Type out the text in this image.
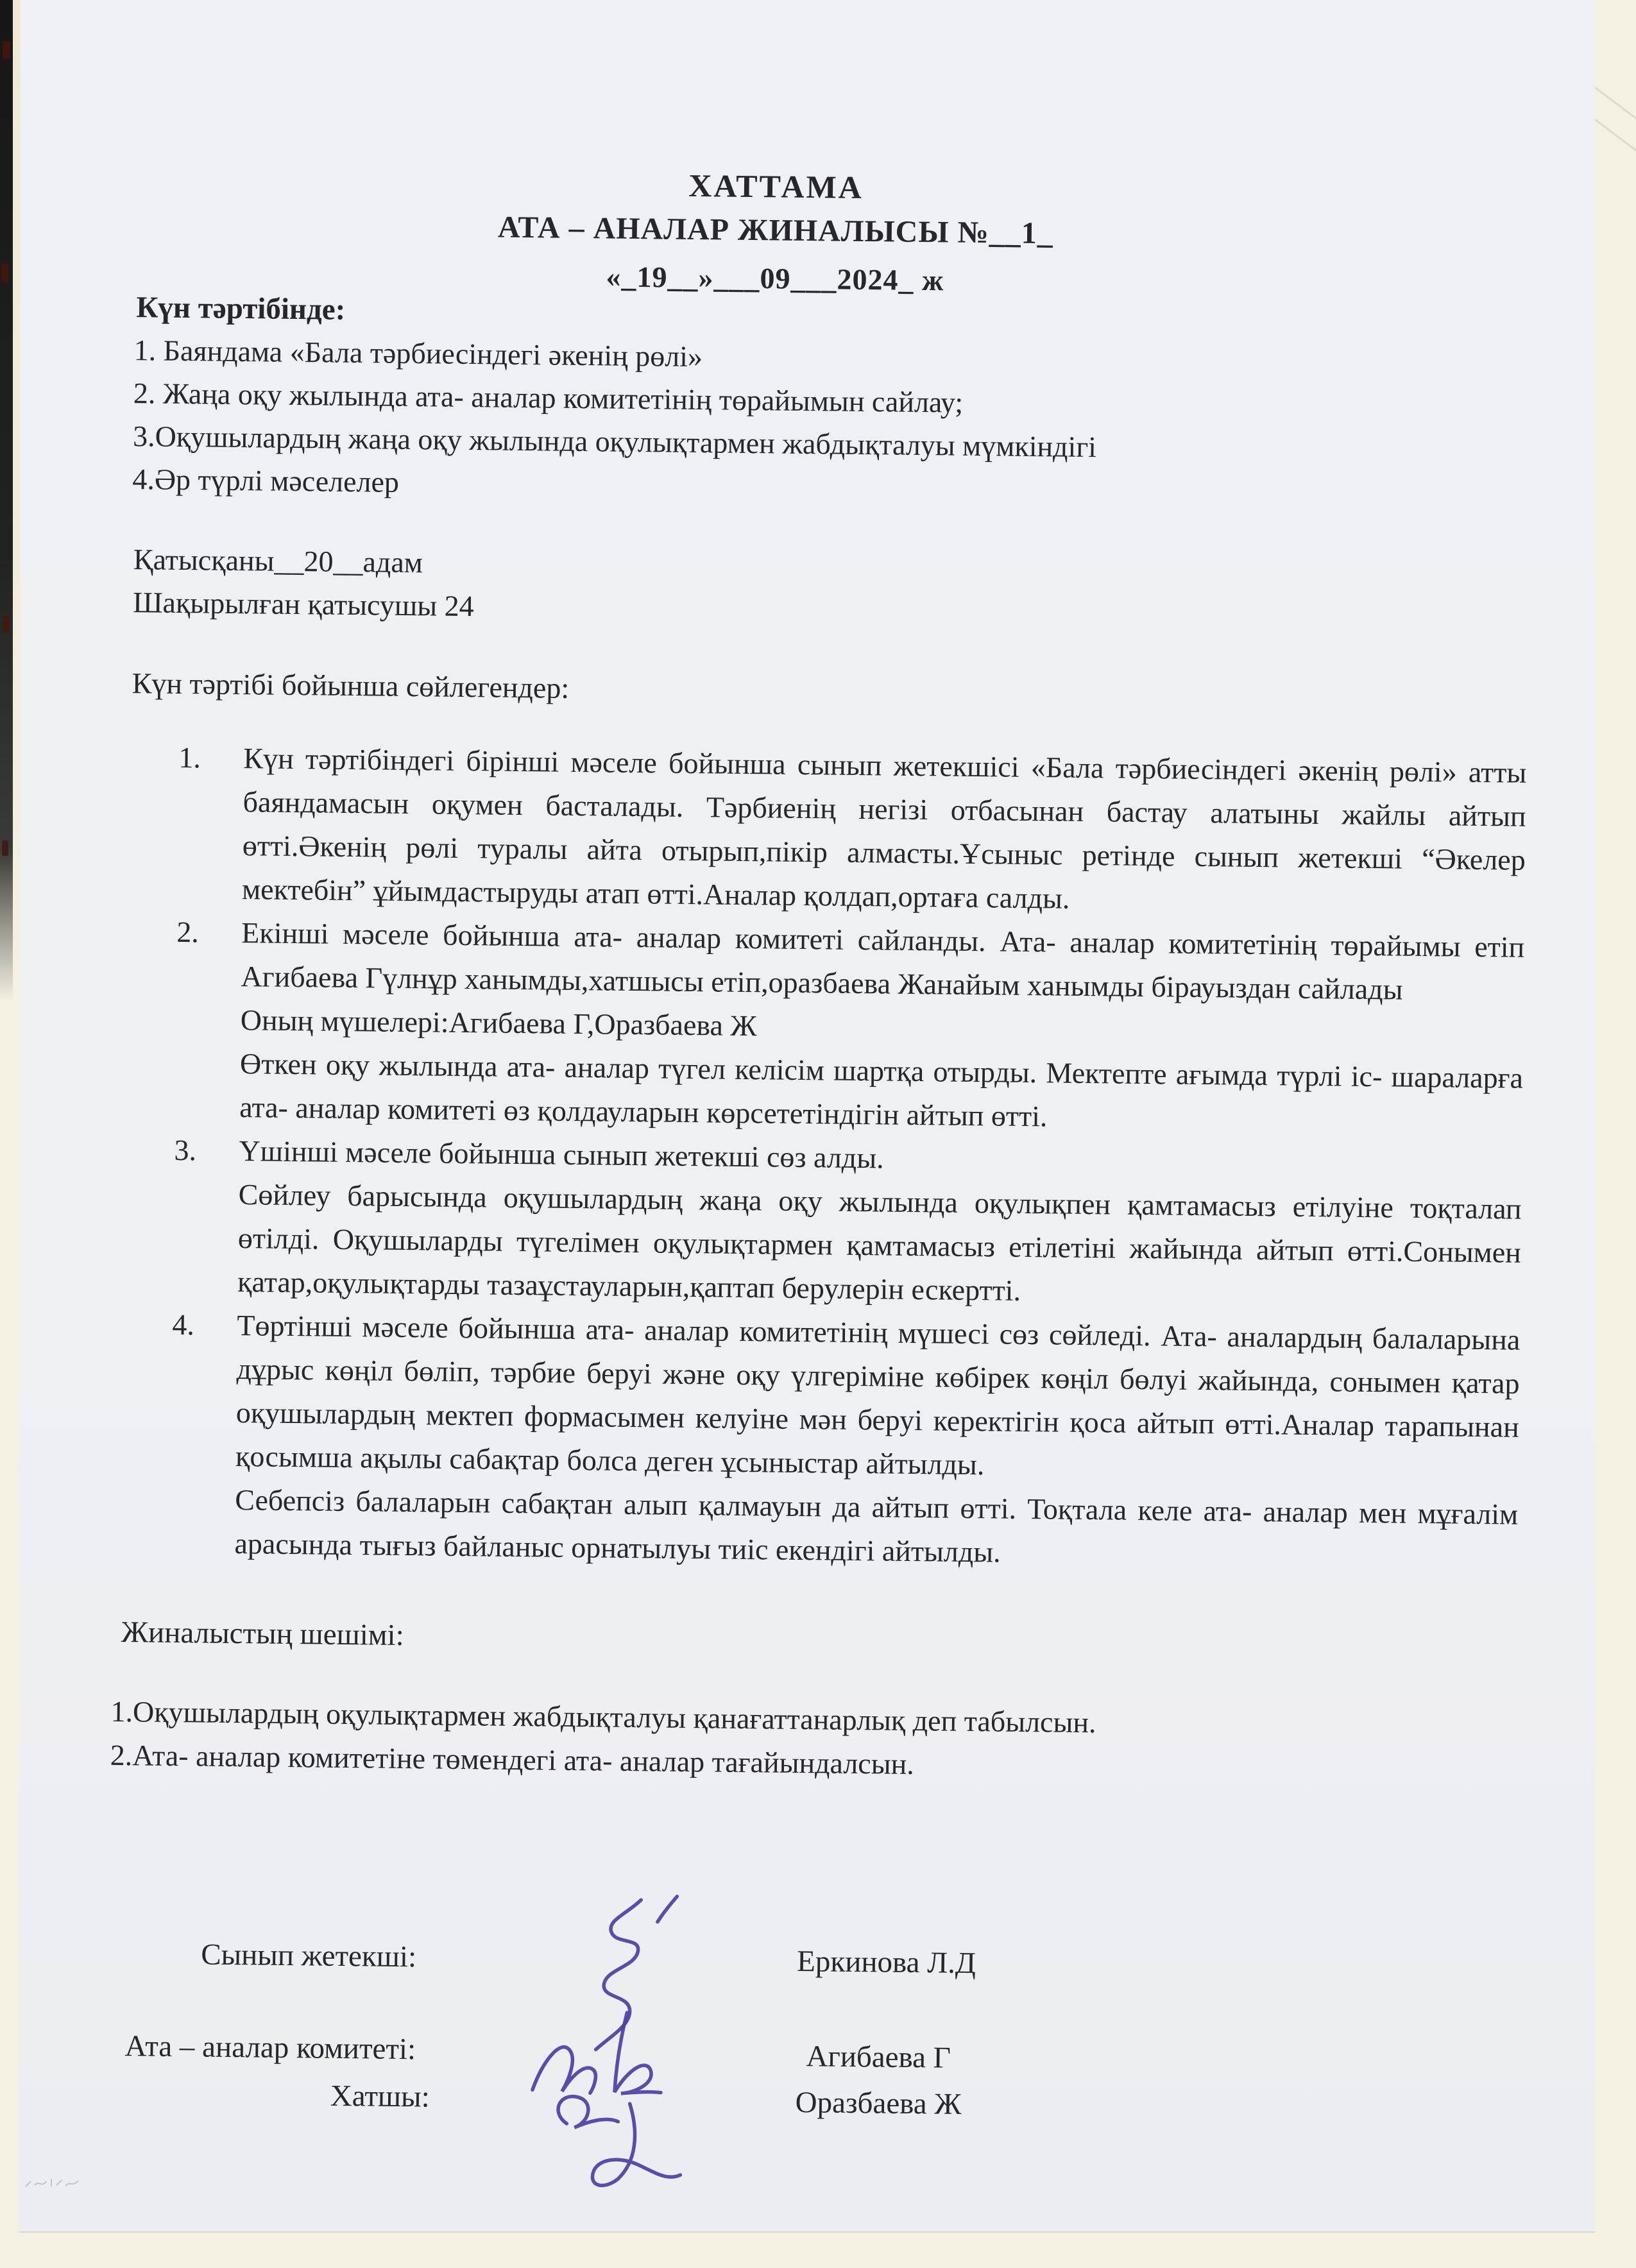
ХАТТАМА
АТА – АНАЛАР ЖИНАЛЫСЫ №__1_
«_19__»___09___2024_ ж
Күн тәртібінде:
1. Баяндама «Бала тәрбиесіндегі әкенің рөлі»
2. Жаңа оқу жылында ата- аналар комитетінің төрайымын сайлау;
3.Оқушылардың жаңа оқу жылында оқулықтармен жабдықталуы мүмкіндігі
4.Әр түрлі мәселелер
Қатысқаны__20__адам
Шақырылған қатысушы 24
Күн тәртібі бойынша сөйлегендер:
1. Күн тәртібіндегі бірінші мәселе бойынша сынып жетекшісі «Бала тәрбиесіндегі әкенің рөлі» атты баяндамасын оқумен басталады. Тәрбиенің негізі отбасынан бастау алатыны жайлы айтып өтті.Әкенің рөлі туралы айта отырып,пікір алмасты.Ұсыныс ретінде сынып жетекші “Әкелер мектебін” ұйымдастыруды атап өтті.Аналар қолдап,ортаға салды.

2. Екінші мәселе бойынша ата- аналар комитеті сайланды. Ата- аналар комитетінің төрайымы етіп Агибаева Гүлнұр ханымды,хатшысы етіп,оразбаева Жанайым ханымды бірауыздан сайлады

Оның мүшелері:Агибаева Г,Оразбаева Ж

Өткен оқу жылында ата- аналар түгел келісім шартқа отырды. Мектепте ағымда түрлі іс- шараларға ата- аналар комитеті өз қолдауларын көрсететіндігін айтып өтті.

3. Үшінші мәселе бойынша сынып жетекші сөз алды.

Сөйлеу барысында оқушылардың жаңа оқу жылында оқулықпен қамтамасыз етілуіне тоқталап өтілді. Оқушыларды түгелімен оқулықтармен қамтамасыз етілетіні жайында айтып өтті.Сонымен қатар,оқулықтарды тазаұстауларын,қаптап берулерін ескертті.

4. Төртінші мәселе бойынша ата- аналар комитетінің мүшесі сөз сөйледі. Ата- аналардың балаларына дұрыс көңіл бөліп, тәрбие беруі және оқу үлгеріміне көбірек көңіл бөлуі жайында, сонымен қатар оқушылардың мектеп формасымен келуіне мән беруі керектігін қоса айтып өтті.Аналар тарапынан қосымша ақылы сабақтар болса деген ұсыныстар айтылды.

Себепсіз балаларын сабақтан алып қалмауын да айтып өтті. Тоқтала келе ата- аналар мен мұғалім арасында тығыз байланыс орнатылуы тиіс екендігі айтылды.

Жиналыстың шешімі:
1.Оқушылардың оқулықтармен жабдықталуы қанағаттанарлық деп табылсын.
2.Ата- аналар комитетіне төмендегі ата- аналар тағайындалсын.
Сынып жетекші:	Еркинова Л.Д
Ата – аналар комитеті:	Агибаева Г
Хатшы:	Оразбаева Ж
